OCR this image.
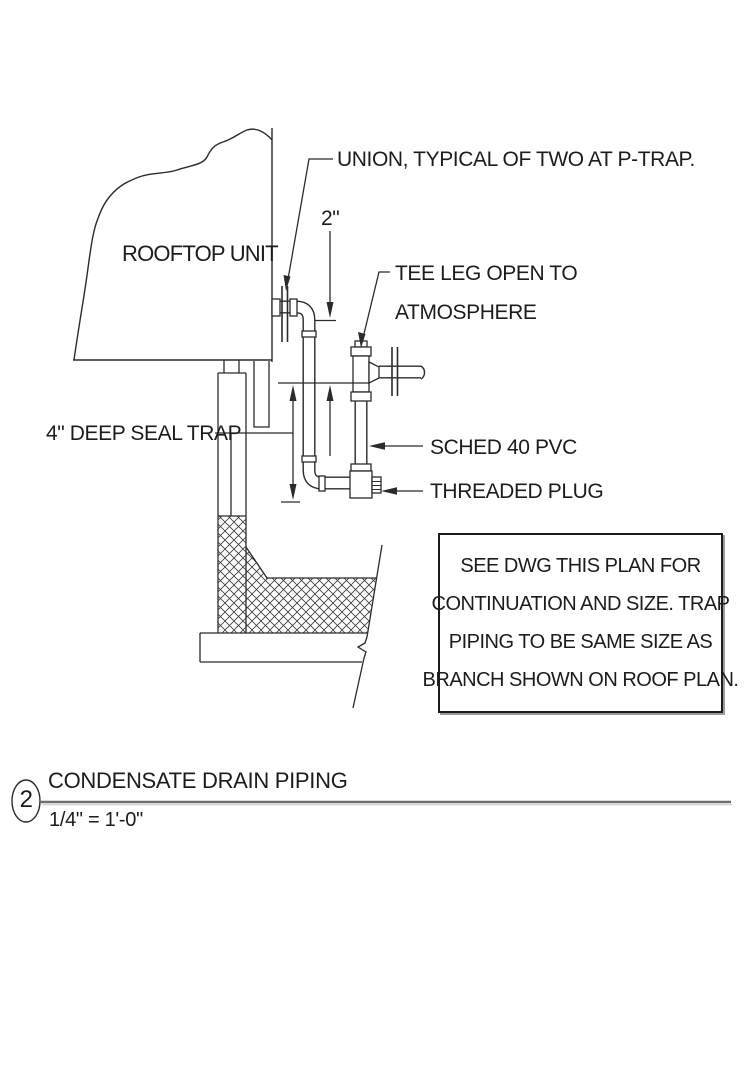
ROOFTOP UNIT
UNION, TYPICAL OF TWO AT P-TRAP.
2"
TEE LEG OPEN TO
ATMOSPHERE
4" DEEP SEAL TRAP
SCHED 40 PVC
THREADED PLUG
SEE DWG THIS PLAN FOR
CONTINUATION AND SIZE. TRAP
PIPING TO BE SAME SIZE AS
BRANCH SHOWN ON ROOF PLAN.
2
CONDENSATE DRAIN PIPING
1/4" = 1'-0"
